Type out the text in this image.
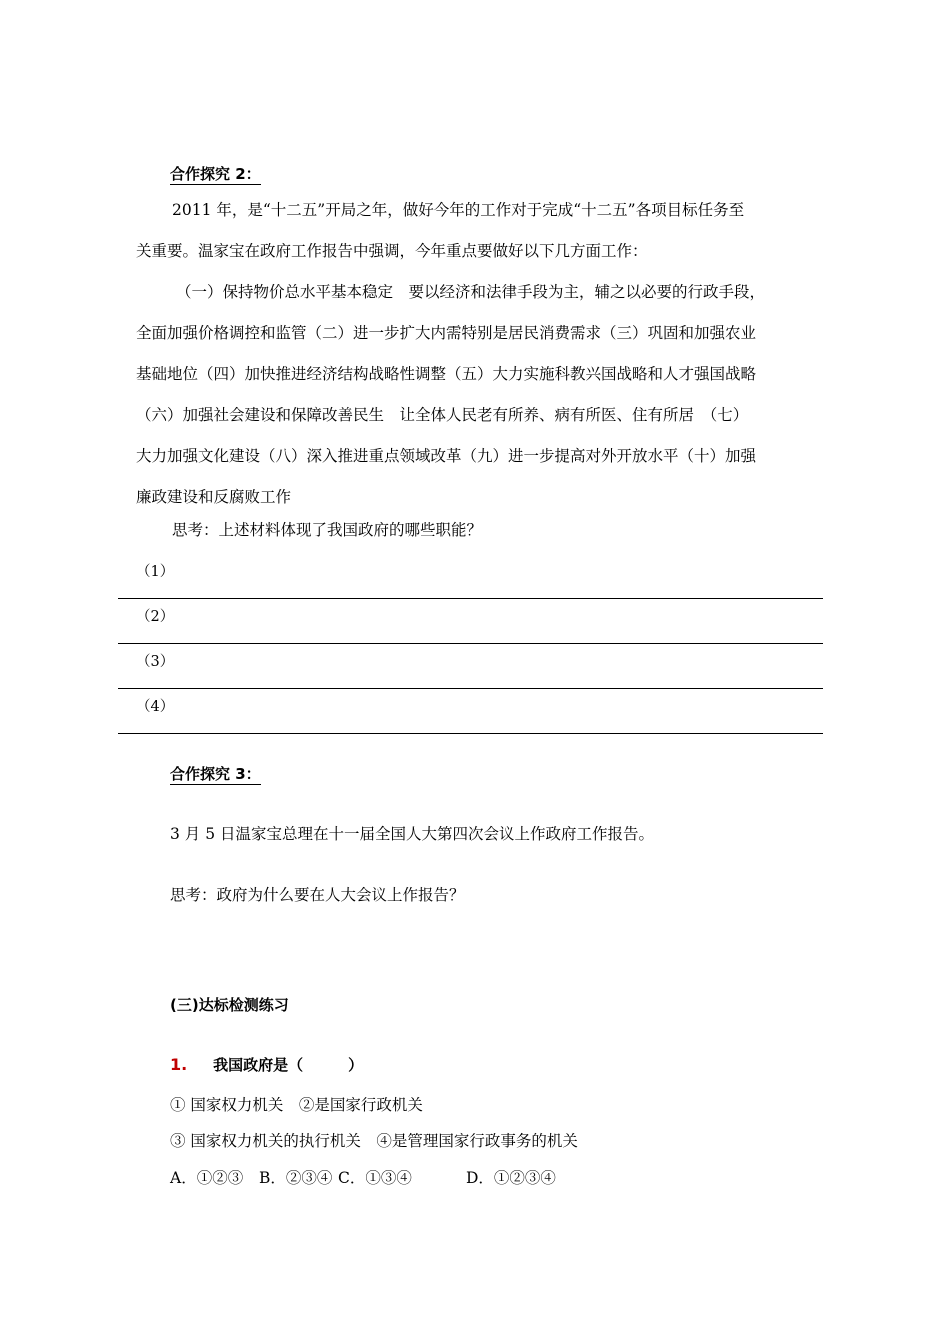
合作探究 2：

2011 年，是“十二五”开局之年，做好今年的工作对于完成“十二五”各项目标任务至

关重要。温家宝在政府工作报告中强调，今年重点要做好以下几方面工作：

（一）保持物价总水平基本稳定　要以经济和法律手段为主，辅之以必要的行政手段，

全面加强价格调控和监管（二）进一步扩大内需特别是居民消费需求（三）巩固和加强农业

基础地位（四）加快推进经济结构战略性调整（五）大力实施科教兴国战略和人才强国战略

（六）加强社会建设和保障改善民生　让全体人民老有所养、病有所医、住有所居　（七）

大力加强文化建设（八）深入推进重点领域改革（九）进一步提高对外开放水平（十）加强

廉政建设和反腐败工作

思考：上述材料体现了我国政府的哪些职能？
（1）
（2）
（3）
（4）
合作探究 3：
3 月 5 日温家宝总理在十一届全国人大第四次会议上作政府工作报告。
思考：政府为什么要在人大会议上作报告？
(三)达标检测练习
1. 我国政府是（　　　）
① 国家权力机关　②是国家行政机关
③ 国家权力机关的执行机关　④是管理国家行政事务的机关
A．①②③ B．②③④ C．①③④	D．①②③④
